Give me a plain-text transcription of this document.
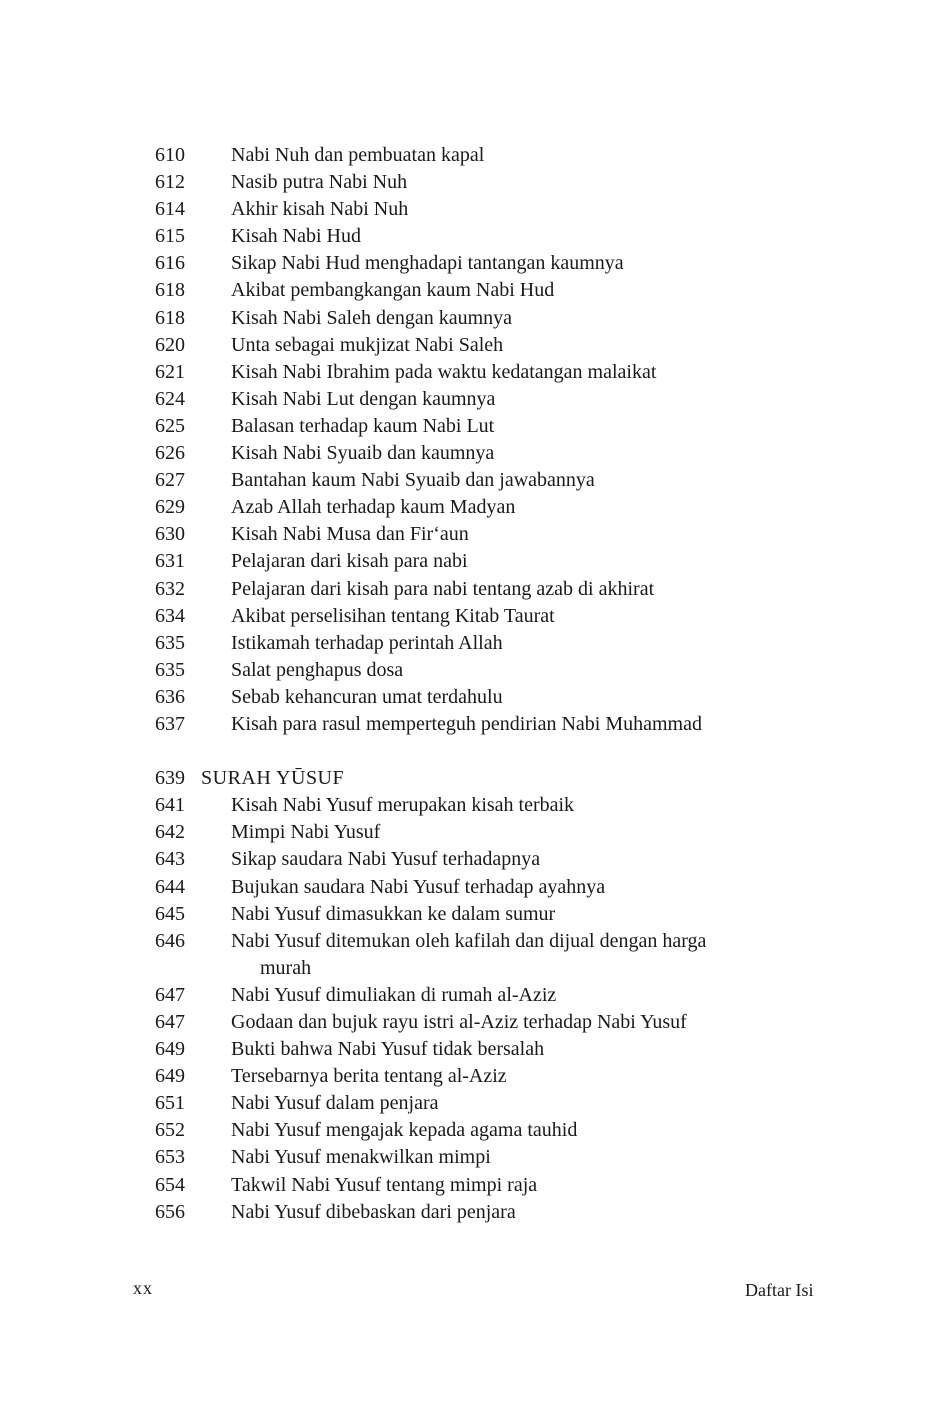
610 Nabi Nuh dan pembuatan kapal
612 Nasib putra Nabi Nuh
614 Akhir kisah Nabi Nuh
615 Kisah Nabi Hud
616 Sikap Nabi Hud menghadapi tantangan kaumnya
618 Akibat pembangkangan kaum Nabi Hud
618 Kisah Nabi Saleh dengan kaumnya
620 Unta sebagai mukjizat Nabi Saleh
621 Kisah Nabi Ibrahim pada waktu kedatangan malaikat
624 Kisah Nabi Lut dengan kaumnya
625 Balasan terhadap kaum Nabi Lut
626 Kisah Nabi Syuaib dan kaumnya
627 Bantahan kaum Nabi Syuaib dan jawabannya
629 Azab Allah terhadap kaum Madyan
630 Kisah Nabi Musa dan Fir‘aun
631 Pelajaran dari kisah para nabi
632 Pelajaran dari kisah para nabi tentang azab di akhirat
634 Akibat perselisihan tentang Kitab Taurat
635 Istikamah terhadap perintah Allah
635 Salat penghapus dosa
636 Sebab kehancuran umat terdahulu
637 Kisah para rasul memperteguh pendirian Nabi Muhammad
639 SURAH YŪSUF
641 Kisah Nabi Yusuf merupakan kisah terbaik
642 Mimpi Nabi Yusuf
643 Sikap saudara Nabi Yusuf terhadapnya
644 Bujukan saudara Nabi Yusuf terhadap ayahnya
645 Nabi Yusuf dimasukkan ke dalam sumur
646 Nabi Yusuf ditemukan oleh kafilah dan dijual dengan harga
murah
647 Nabi Yusuf dimuliakan di rumah al-Aziz
647 Godaan dan bujuk rayu istri al-Aziz terhadap Nabi Yusuf
649 Bukti bahwa Nabi Yusuf tidak bersalah
649 Tersebarnya berita tentang al-Aziz
651 Nabi Yusuf dalam penjara
652 Nabi Yusuf mengajak kepada agama tauhid
653 Nabi Yusuf menakwilkan mimpi
654 Takwil Nabi Yusuf tentang mimpi raja
656 Nabi Yusuf dibebaskan dari penjara
xx	Daftar Isi
